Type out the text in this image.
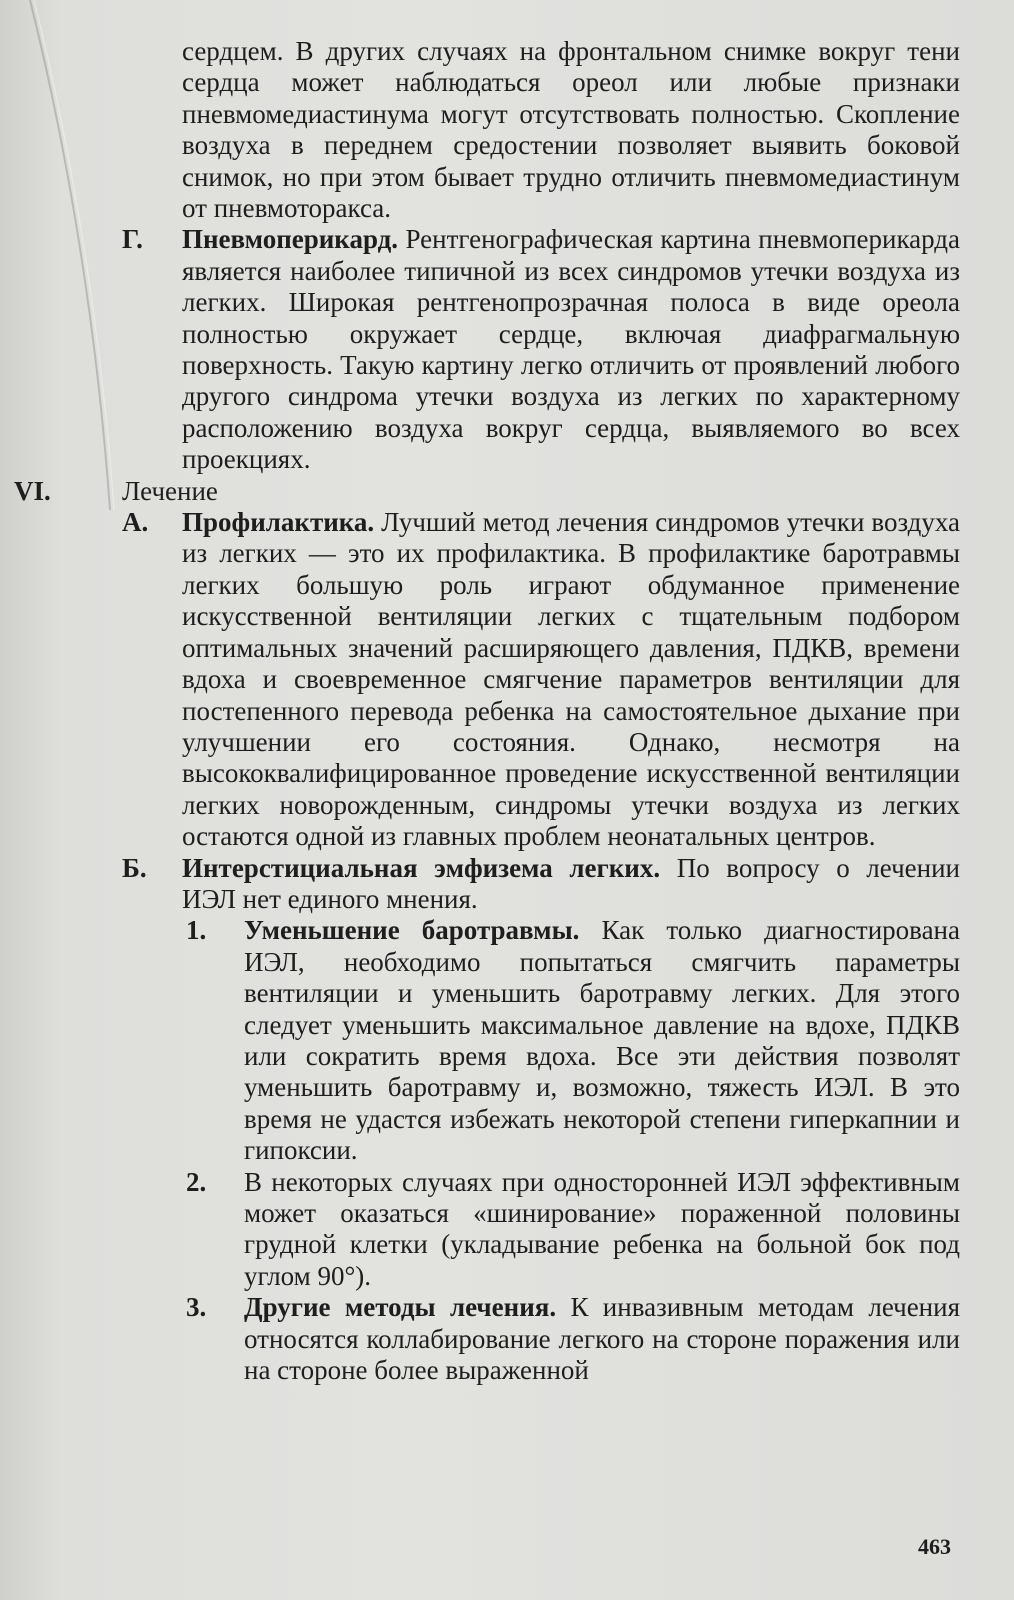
сердцем. В других случаях на фронтальном снимке вокруг тени сердца может наблюдаться ореол или любые признаки пневмомедиастинума могут отсутствовать полностью. Скопление воздуха в переднем средостении позволяет выявить боковой снимок, но при этом бывает трудно отличить пневмомедиастинум от пневмоторакса.

Г. Пневмоперикард. Рентгенографическая картина пневмоперикарда является наиболее типичной из всех синдромов утечки воздуха из легких. Широкая рентгенопрозрачная полоса в виде ореола полностью окружает сердце, включая диафрагмальную поверхность. Такую картину легко отличить от проявлений любого другого синдрома утечки воздуха из легких по характерному расположению воздуха вокруг сердца, выявляемого во всех проекциях.

VI.	Лечение
А. Профилактика. Лучший метод лечения синдромов утечки воздуха из легких — это их профилактика. В профилактике баротравмы легких большую роль играют обдуманное применение искусственной вентиляции легких с тщательным подбором оптимальных значений расширяющего давления, ПДКВ, времени вдоха и своевременное смягчение параметров вентиляции для постепенного перевода ребенка на самостоятельное дыхание при улучшении его состояния. Однако, несмотря на высококвалифицированное проведение искусственной вентиляции легких новорожденным, синдромы утечки воздуха из легких остаются одной из главных проблем неонатальных центров.

Б. Интерстициальная эмфизема легких. По вопросу о лечении ИЭЛ нет единого мнения.

1. Уменьшение баротравмы. Как только диагностирована ИЭЛ, необходимо попытаться смягчить параметры вентиляции и уменьшить баротравму легких. Для этого следует уменьшить максимальное давление на вдохе, ПДКВ или сократить время вдоха. Все эти действия позволят уменьшить баротравму и, возможно, тяжесть ИЭЛ. В это время не удастся избежать некоторой степени гиперкапнии и гипоксии.

2. В некоторых случаях при односторонней ИЭЛ эффективным может оказаться «шинирование» пораженной половины грудной клетки (укладывание ребенка на больной бок под углом 90°).

3. Другие методы лечения. К инвазивным методам лечения относятся коллабирование легкого на стороне поражения или на стороне более выраженной

463
